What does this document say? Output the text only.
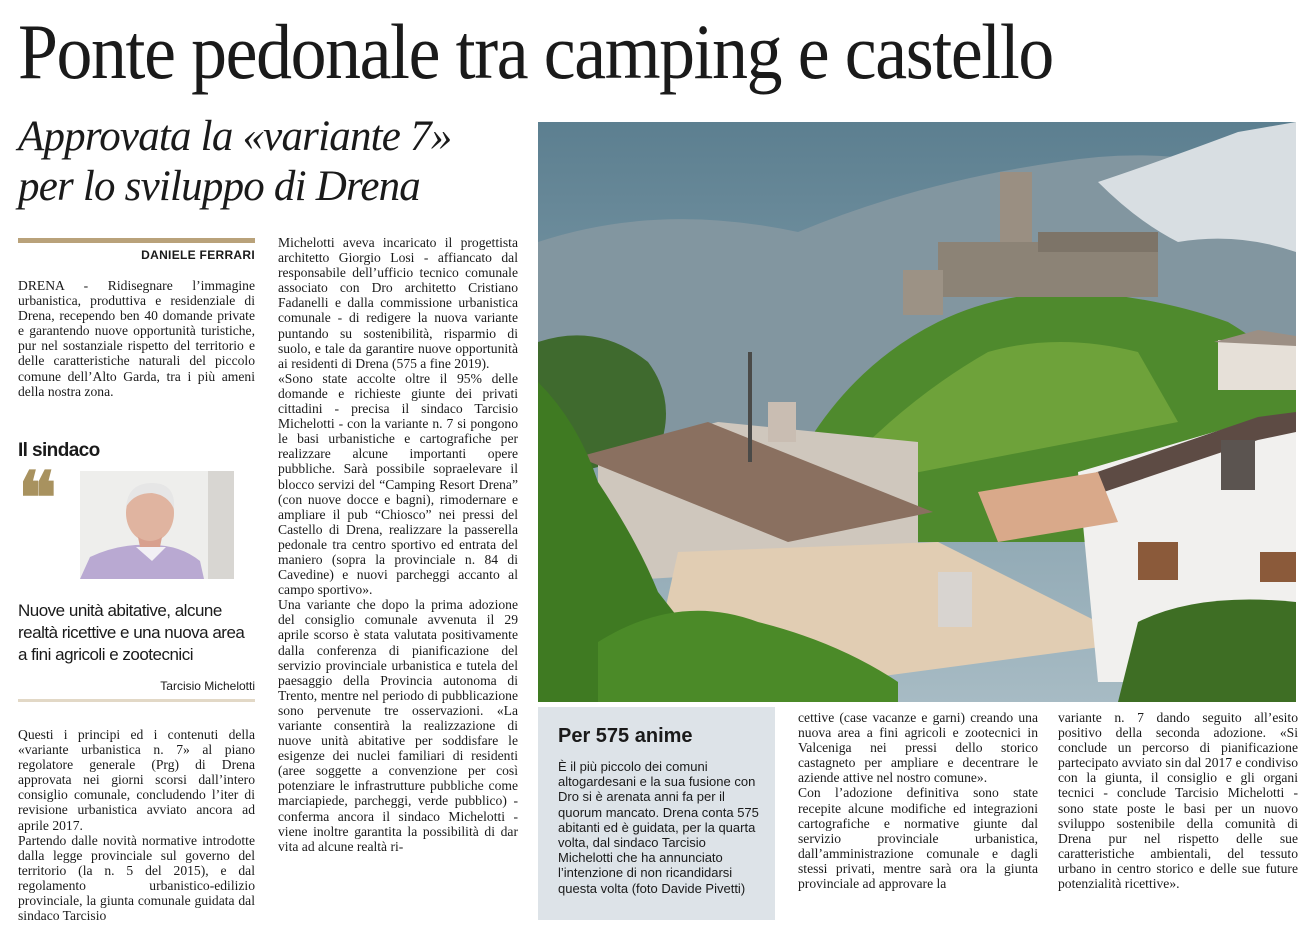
Ponte pedonale tra camping e castello
Approvata la «variante 7»
per lo sviluppo di Drena
DANIELE FERRARI

DRENA - Ridisegnare l’immagine urbanistica, produttiva e residenziale di Drena, recependo ben 40 domande private e garantendo nuove opportunità turistiche, pur nel sostanziale rispetto del territorio e delle caratteristiche naturali del piccolo comune dell’Alto Garda, tra i più ameni della nostra zona.

Il sindaco
❝
Nuove unità abitative, alcune realtà ricettive e una nuova area a fini agricoli e zootecnici
Tarcisio Michelotti

Questi i principi ed i contenuti della «variante urbanistica n. 7» al piano regolatore generale (Prg) di Drena approvata nei giorni scorsi dall’intero consiglio comunale, concludendo l’iter di revisione urbanistica avviato ancora ad aprile 2017.

Partendo dalle novità normative introdotte dalla legge provinciale sul governo del territorio (la n. 5 del 2015), e dal regolamento urbanistico-edilizio provinciale, la giunta comunale guidata dal sindaco Tarcisio

Michelotti aveva incaricato il progettista architetto Giorgio Losi - affiancato dal responsabile dell’ufficio tecnico comunale associato con Dro architetto Cristiano Fadanelli e dalla commissione urbanistica comunale - di redigere la nuova variante puntando su sostenibilità, risparmio di suolo, e tale da garantire nuove opportunità ai residenti di Drena (575 a fine 2019).

«Sono state accolte oltre il 95% delle domande e richieste giunte dei privati cittadini - precisa il sindaco Tarcisio Michelotti - con la variante n. 7 si pongono le basi urbanistiche e cartografiche per realizzare alcune importanti opere pubbliche. Sarà possibile sopraelevare il blocco servizi del “Camping Resort Drena” (con nuove docce e bagni), rimodernare e ampliare il pub “Chiosco” nei pressi del Castello di Drena, realizzare la passerella pedonale tra centro sportivo ed entrata del maniero (sopra la provinciale n. 84 di Cavedine) e nuovi parcheggi accanto al campo sportivo».

Una variante che dopo la prima adozione del consiglio comunale avvenuta il 29 aprile scorso è stata valutata positivamente dalla conferenza di pianificazione del servizio provinciale urbanistica e tutela del paesaggio della Provincia autonoma di Trento, mentre nel periodo di pubblicazione sono pervenute tre osservazioni. «La variante consentirà la realizzazione di nuove unità abitative per soddisfare le esigenze dei nuclei familiari di residenti (aree soggette a convenzione per così potenziare le infrastrutture pubbliche come marciapiede, parcheggi, verde pubblico) - conferma ancora il sindaco Michelotti - viene inoltre garantita la possibilità di dar vita ad alcune realtà ri-

Per 575 anime
È il più piccolo dei comuni altogardesani e la sua fusione con Dro si è arenata anni fa per il quorum mancato. Drena conta 575 abitanti ed è guidata, per la quarta volta, dal sindaco Tarcisio Michelotti che ha annunciato l’intenzione di non ricandidarsi questa volta (foto Davide Pivetti)

cettive (case vacanze e garni) creando una nuova area a fini agricoli e zootecnici in Valceniga nei pressi dello storico castagneto per ampliare e decentrare le aziende attive nel nostro comune».

Con l’adozione definitiva sono state recepite alcune modifiche ed integrazioni cartografiche e normative giunte dal servizio provinciale urbanistica, dall’amministrazione comunale e dagli stessi privati, mentre sarà ora la giunta provinciale ad approvare la

variante n. 7 dando seguito all’esito positivo della seconda adozione. «Si conclude un percorso di pianificazione partecipato avviato sin dal 2017 e condiviso con la giunta, il consiglio e gli organi tecnici - conclude Tarcisio Michelotti - sono state poste le basi per un nuovo sviluppo sostenibile della comunità di Drena pur nel rispetto delle sue caratteristiche ambientali, del tessuto urbano in centro storico e delle sue future potenzialità ricettive».
